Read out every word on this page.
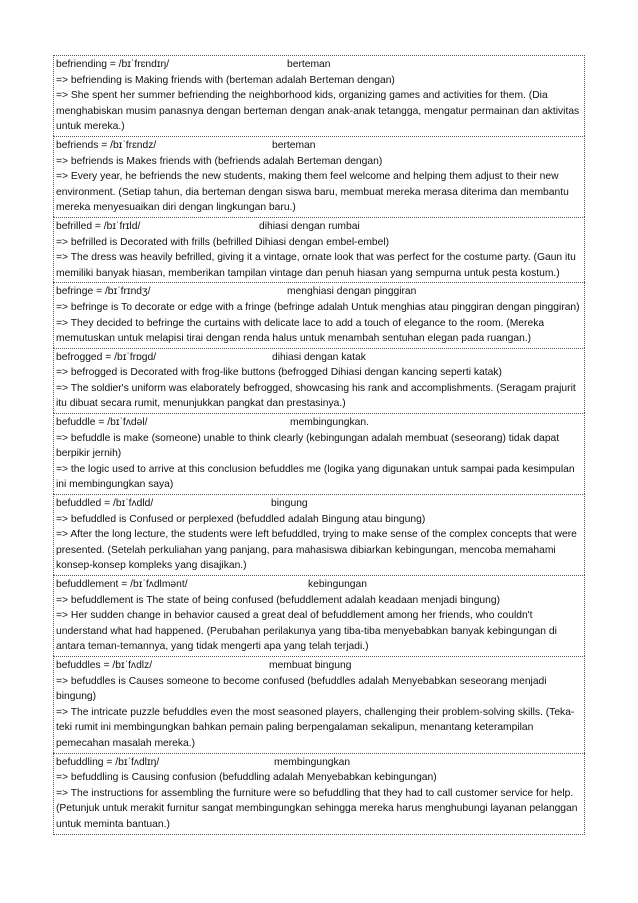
befriending = /bɪˈfrɛndɪŋ/	berteman
=> befriending is Making friends with (berteman adalah Berteman dengan)
=> She spent her summer befriending the neighborhood kids, organizing games and activities for them. (Dia menghabiskan musim panasnya dengan berteman dengan anak-anak tetangga, mengatur permainan dan aktivitas untuk mereka.)
befriends = /bɪˈfrɛndz/	berteman
=> befriends is Makes friends with (befriends adalah Berteman dengan)
=> Every year, he befriends the new students, making them feel welcome and helping them adjust to their new environment. (Setiap tahun, dia berteman dengan siswa baru, membuat mereka merasa diterima dan membantu mereka menyesuaikan diri dengan lingkungan baru.)
befrilled = /bɪˈfrɪld/	dihiasi dengan rumbai
=> befrilled is Decorated with frills (befrilled Dihiasi dengan embel-embel)
=> The dress was heavily befrilled, giving it a vintage, ornate look that was perfect for the costume party. (Gaun itu memiliki banyak hiasan, memberikan tampilan vintage dan penuh hiasan yang sempurna untuk pesta kostum.)
befringe = /bɪˈfrɪndʒ/	menghiasi dengan pinggiran
=> befringe is To decorate or edge with a fringe (befringe adalah Untuk menghias atau pinggiran dengan pinggiran)
=> They decided to befringe the curtains with delicate lace to add a touch of elegance to the room. (Mereka memutuskan untuk melapisi tirai dengan renda halus untuk menambah sentuhan elegan pada ruangan.)
befrogged = /bɪˈfrɒgd/	dihiasi dengan katak
=> befrogged is Decorated with frog-like buttons (befrogged Dihiasi dengan kancing seperti katak)
=> The soldier's uniform was elaborately befrogged, showcasing his rank and accomplishments. (Seragam prajurit itu dibuat secara rumit, menunjukkan pangkat dan prestasinya.)
befuddle = /bɪˈfʌdəl/	membingungkan.
=> befuddle is make (someone) unable to think clearly (kebingungan adalah membuat (seseorang) tidak dapat berpikir jernih)
=> the logic used to arrive at this conclusion befuddles me (logika yang digunakan untuk sampai pada kesimpulan ini membingungkan saya)
befuddled = /bɪˈfʌdld/	bingung
=> befuddled is Confused or perplexed (befuddled adalah Bingung atau bingung)
=> After the long lecture, the students were left befuddled, trying to make sense of the complex concepts that were presented. (Setelah perkuliahan yang panjang, para mahasiswa dibiarkan kebingungan, mencoba memahami konsep-konsep kompleks yang disajikan.)
befuddlement = /bɪˈfʌdlmənt/	kebingungan
=> befuddlement is The state of being confused (befuddlement adalah keadaan menjadi bingung)
=> Her sudden change in behavior caused a great deal of befuddlement among her friends, who couldn't understand what had happened. (Perubahan perilakunya yang tiba-tiba menyebabkan banyak kebingungan di antara teman-temannya, yang tidak mengerti apa yang telah terjadi.)
befuddles = /bɪˈfʌdlz/	membuat bingung
=> befuddles is Causes someone to become confused (befuddles adalah Menyebabkan seseorang menjadi bingung)
=> The intricate puzzle befuddles even the most seasoned players, challenging their problem-solving skills. (Teka-teki rumit ini membingungkan bahkan pemain paling berpengalaman sekalipun, menantang keterampilan pemecahan masalah mereka.)
befuddling = /bɪˈfʌdlɪŋ/	membingungkan
=> befuddling is Causing confusion (befuddling adalah Menyebabkan kebingungan)
=> The instructions for assembling the furniture were so befuddling that they had to call customer service for help. (Petunjuk untuk merakit furnitur sangat membingungkan sehingga mereka harus menghubungi layanan pelanggan untuk meminta bantuan.)
